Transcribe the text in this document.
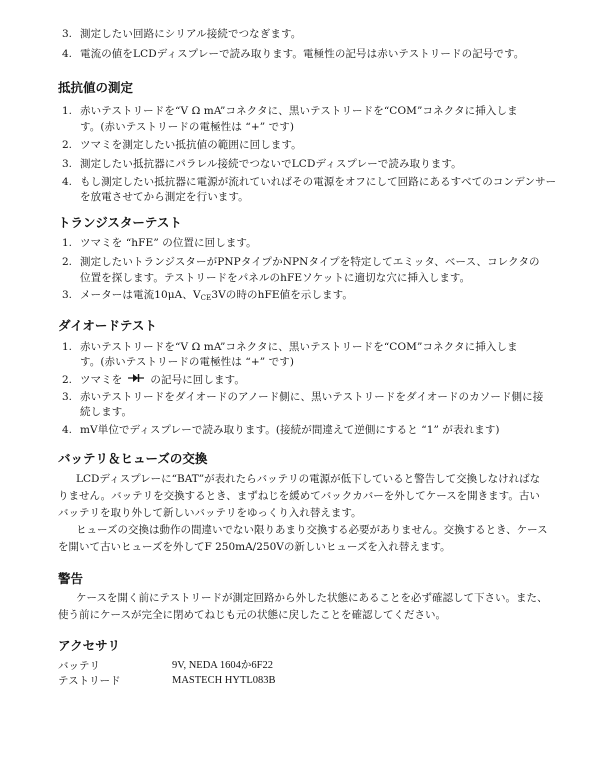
3. 測定したい回路にシリアル接続でつなぎます。
4. 電流の値をLCDディスプレーで読み取ります。電極性の記号は赤いテストリードの記号です。
抵抗値の測定
1. 赤いテストリードを“V Ω mA”コネクタに、黒いテストリードを“COM”コネクタに挿入しま
す。(赤いテストリードの電極性は “+” です)
2. ツマミを測定したい抵抗値の範囲に回します。
3. 測定したい抵抗器にパラレル接続でつないでLCDディスプレーで読み取ります。
4. もし測定したい抵抗器に電源が流れていればその電源をオフにして回路にあるすべてのコンデンサー
を放電させてから測定を行います。
トランジスターテスト
1. ツマミを “hFE” の位置に回します。
2. 測定したいトランジスターがPNPタイプかNPNタイプを特定してエミッタ、ベース、コレクタの
位置を探します。テストリードをパネルのhFEソケットに適切な穴に挿入します。
3. メーターは電流10μA、$V_{CE}3V$の時のhFE値を示します。
ダイオードテスト
1. 赤いテストリードを“V Ω mA”コネクタに、黒いテストリードを“COM”コネクタに挿入しま
す。(赤いテストリードの電極性は “+” です)
2. ツマミを	の記号に回します。
3. 赤いテストリードをダイオードのアノード側に、黒いテストリードをダイオードのカソード側に接
続します。
4. mV単位でディスプレーで読み取ります。(接続が間違えて逆側にすると “1” が表れます)
バッテリ＆ヒューズの交換
LCDディスプレーに“BAT”が表れたらバッテリの電源が低下していると警告して交換しなければな
りません。バッテリを交換するとき、まずねじを緩めてバックカバーを外してケースを開きます。古い
バッテリを取り外して新しいバッテリをゆっくり入れ替えます。
ヒューズの交換は動作の間違いでない限りあまり交換する必要がありません。交換するとき、ケース
を開いて古いヒューズを外してF 250mA/250Vの新しいヒューズを入れ替えます。
警告
ケースを開く前にテストリードが測定回路から外した状態にあることを必ず確認して下さい。また、
使う前にケースが完全に閉めてねじも元の状態に戻したことを確認してください。
アクセサリ
バッテリ	9V, NEDA 1604か6F22
テストリード	MASTECH HYTL083B
